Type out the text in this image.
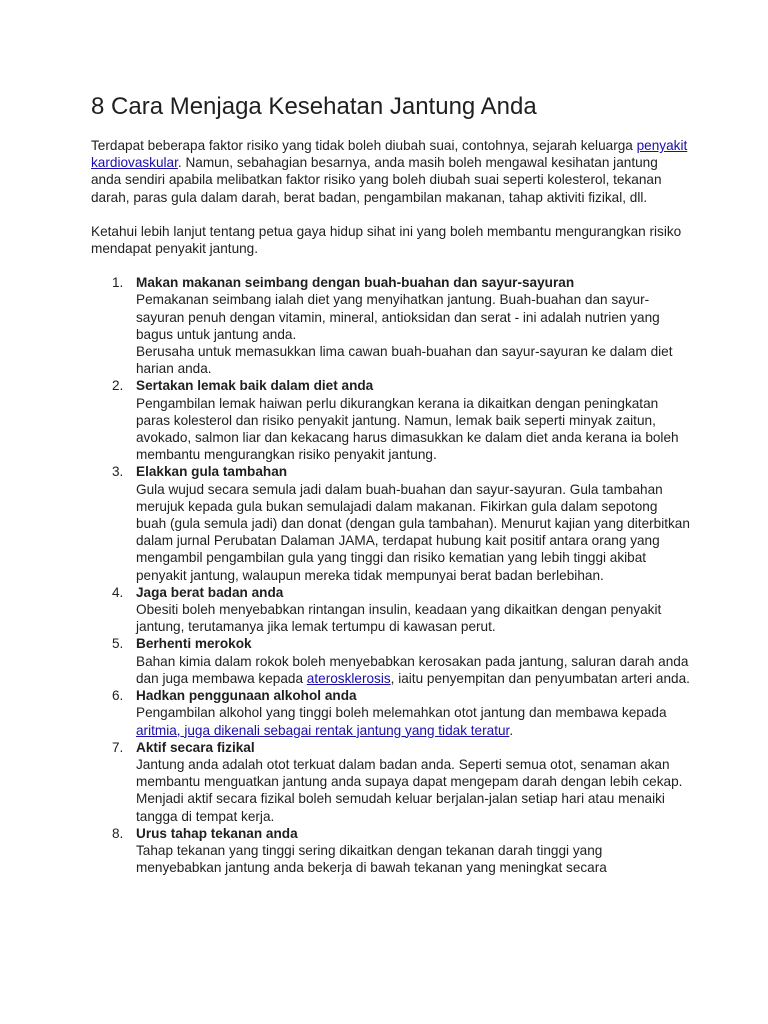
8 Cara Menjaga Kesehatan Jantung Anda

Terdapat beberapa faktor risiko yang tidak boleh diubah suai, contohnya, sejarah keluarga penyakit kardiovaskular. Namun, sebahagian besarnya, anda masih boleh mengawal kesihatan jantung anda sendiri apabila melibatkan faktor risiko yang boleh diubah suai seperti kolesterol, tekanan darah, paras gula dalam darah, berat badan, pengambilan makanan, tahap aktiviti fizikal, dll.

Ketahui lebih lanjut tentang petua gaya hidup sihat ini yang boleh membantu mengurangkan risiko mendapat penyakit jantung.

1. Makan makanan seimbang dengan buah-buahan dan sayur-sayuran
Pemakanan seimbang ialah diet yang menyihatkan jantung. Buah-buahan dan sayur-sayuran penuh dengan vitamin, mineral, antioksidan dan serat - ini adalah nutrien yang bagus untuk jantung anda.
Berusaha untuk memasukkan lima cawan buah-buahan dan sayur-sayuran ke dalam diet harian anda.
2. Sertakan lemak baik dalam diet anda
Pengambilan lemak haiwan perlu dikurangkan kerana ia dikaitkan dengan peningkatan paras kolesterol dan risiko penyakit jantung. Namun, lemak baik seperti minyak zaitun, avokado, salmon liar dan kekacang harus dimasukkan ke dalam diet anda kerana ia boleh membantu mengurangkan risiko penyakit jantung.
3. Elakkan gula tambahan
Gula wujud secara semula jadi dalam buah-buahan dan sayur-sayuran. Gula tambahan merujuk kepada gula bukan semulajadi dalam makanan. Fikirkan gula dalam sepotong buah (gula semula jadi) dan donat (dengan gula tambahan). Menurut kajian yang diterbitkan dalam jurnal Perubatan Dalaman JAMA, terdapat hubung kait positif antara orang yang mengambil pengambilan gula yang tinggi dan risiko kematian yang lebih tinggi akibat penyakit jantung, walaupun mereka tidak mempunyai berat badan berlebihan.
4. Jaga berat badan anda
Obesiti boleh menyebabkan rintangan insulin, keadaan yang dikaitkan dengan penyakit jantung, terutamanya jika lemak tertumpu di kawasan perut.
5. Berhenti merokok
Bahan kimia dalam rokok boleh menyebabkan kerosakan pada jantung, saluran darah anda dan juga membawa kepada aterosklerosis, iaitu penyempitan dan penyumbatan arteri anda.
6. Hadkan penggunaan alkohol anda
Pengambilan alkohol yang tinggi boleh melemahkan otot jantung dan membawa kepada aritmia, juga dikenali sebagai rentak jantung yang tidak teratur.
7. Aktif secara fizikal
Jantung anda adalah otot terkuat dalam badan anda. Seperti semua otot, senaman akan membantu menguatkan jantung anda supaya dapat mengepam darah dengan lebih cekap. Menjadi aktif secara fizikal boleh semudah keluar berjalan-jalan setiap hari atau menaiki tangga di tempat kerja.
8. Urus tahap tekanan anda
Tahap tekanan yang tinggi sering dikaitkan dengan tekanan darah tinggi yang menyebabkan jantung anda bekerja di bawah tekanan yang meningkat secara
